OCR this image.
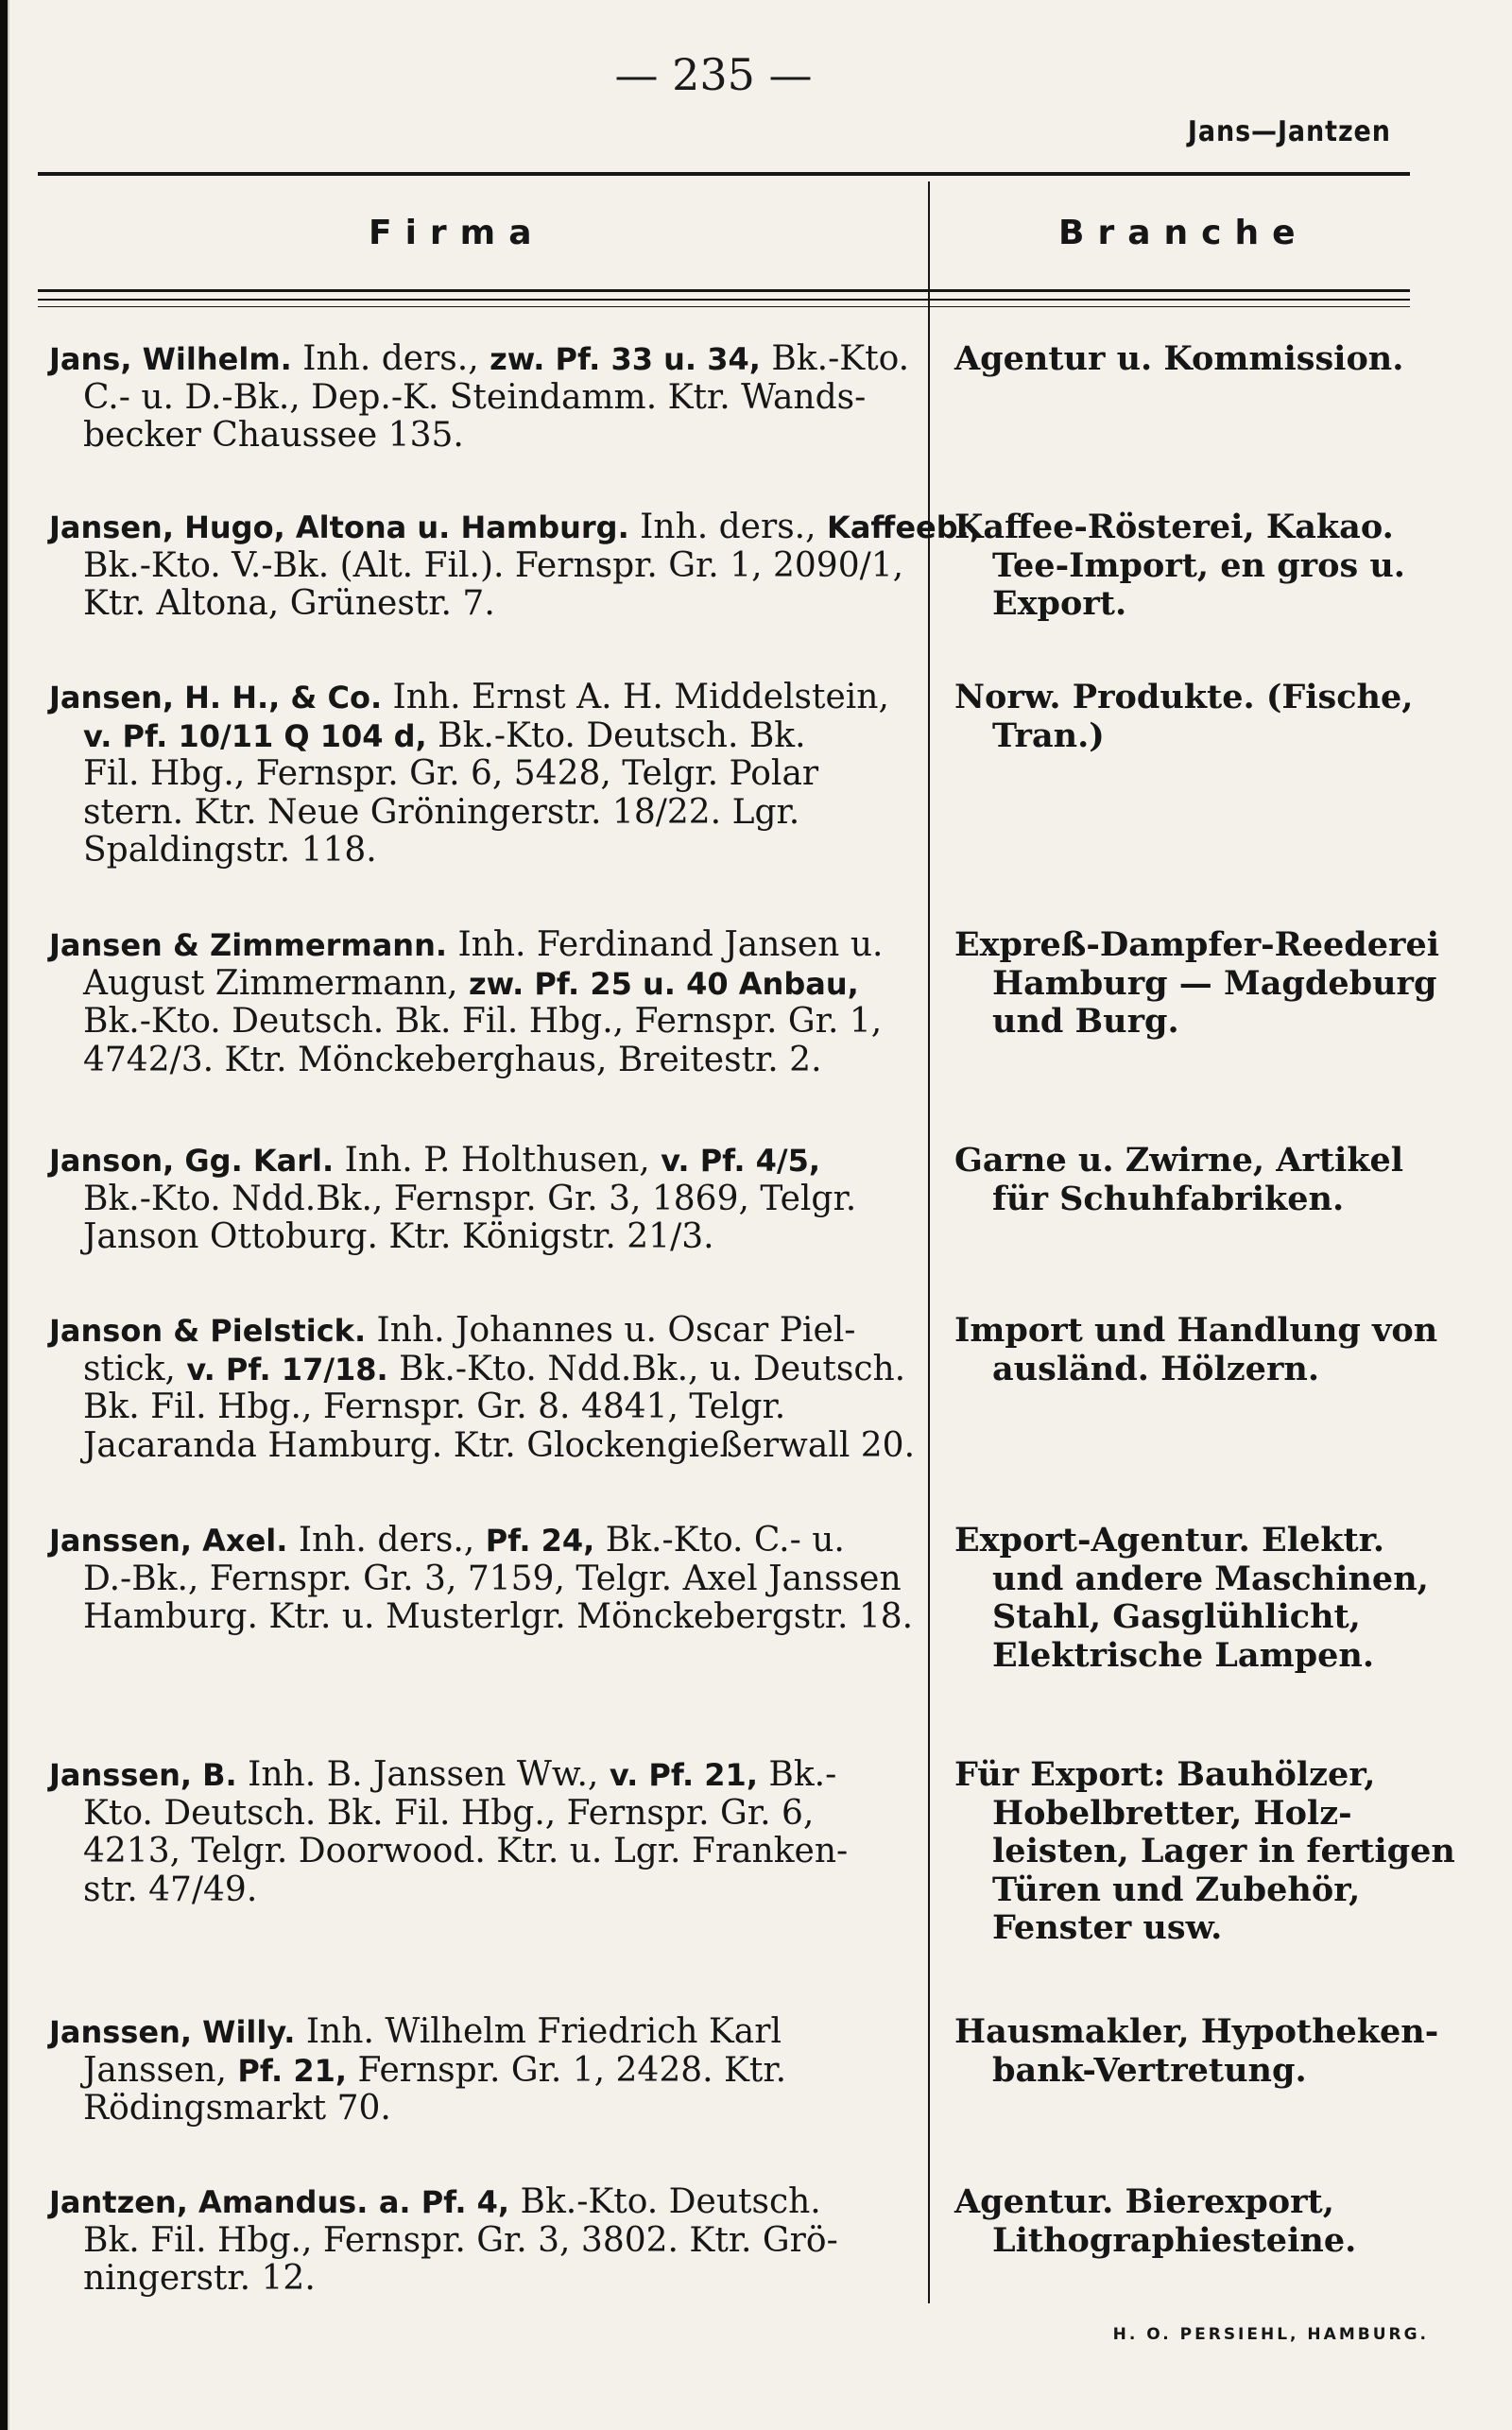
— 235 —
Jans—Jantzen
Firma	Branche
Jans, Wilhelm. Inh. ders., zw. Pf. 33 u. 34, Bk.-Kto.
C.- u. D.-Bk., Dep.-K. Steindamm. Ktr. Wands-
becker Chaussee 135.
Agentur u. Kommission.
Jansen, Hugo, Altona u. Hamburg. Inh. ders., Kaffeeb.,
Bk.-Kto. V.-Bk. (Alt. Fil.). Fernspr. Gr. 1, 2090/1,
Ktr. Altona, Grünestr. 7.
Kaffee-Rösterei, Kakao.
Tee-Import, en gros u.
Export.
Jansen, H. H., & Co. Inh. Ernst A. H. Middelstein,
v. Pf. 10/11 Q 104 d, Bk.-Kto. Deutsch. Bk.
Fil. Hbg., Fernspr. Gr. 6, 5428, Telgr. Polar
stern. Ktr. Neue Gröningerstr. 18/22. Lgr.
Spaldingstr. 118.
Norw. Produkte. (Fische,
Tran.)
Jansen & Zimmermann. Inh. Ferdinand Jansen u.
August Zimmermann, zw. Pf. 25 u. 40 Anbau,
Bk.-Kto. Deutsch. Bk. Fil. Hbg., Fernspr. Gr. 1,
4742/3. Ktr. Mönckeberghaus, Breitestr. 2.
Expreß-Dampfer-Reederei
Hamburg — Magdeburg
und Burg.
Janson, Gg. Karl. Inh. P. Holthusen, v. Pf. 4/5,
Bk.-Kto. Ndd.Bk., Fernspr. Gr. 3, 1869, Telgr.
Janson Ottoburg. Ktr. Königstr. 21/3.
Garne u. Zwirne, Artikel
für Schuhfabriken.
Janson & Pielstick. Inh. Johannes u. Oscar Piel-
stick, v. Pf. 17/18. Bk.-Kto. Ndd.Bk., u. Deutsch.
Bk. Fil. Hbg., Fernspr. Gr. 8. 4841, Telgr.
Jacaranda Hamburg. Ktr. Glockengießerwall 20.
Import und Handlung von
ausländ. Hölzern.
Janssen, Axel. Inh. ders., Pf. 24, Bk.-Kto. C.- u.
D.-Bk., Fernspr. Gr. 3, 7159, Telgr. Axel Janssen
Hamburg. Ktr. u. Musterlgr. Mönckebergstr. 18.
Export-Agentur. Elektr.
und andere Maschinen,
Stahl, Gasglühlicht,
Elektrische Lampen.
Janssen, B. Inh. B. Janssen Ww., v. Pf. 21, Bk.-
Kto. Deutsch. Bk. Fil. Hbg., Fernspr. Gr. 6,
4213, Telgr. Doorwood. Ktr. u. Lgr. Franken-
str. 47/49.
Für Export: Bauhölzer,
Hobelbretter, Holz-
leisten, Lager in fertigen
Türen und Zubehör,
Fenster usw.
Janssen, Willy. Inh. Wilhelm Friedrich Karl
Janssen, Pf. 21, Fernspr. Gr. 1, 2428. Ktr.
Rödingsmarkt 70.
Hausmakler, Hypotheken-
bank-Vertretung.
Jantzen, Amandus. a. Pf. 4, Bk.-Kto. Deutsch.
Bk. Fil. Hbg., Fernspr. Gr. 3, 3802. Ktr. Grö-
ningerstr. 12.
Agentur. Bierexport,
Lithographiesteine.
H. O. PERSIEHL, HAMBURG.
